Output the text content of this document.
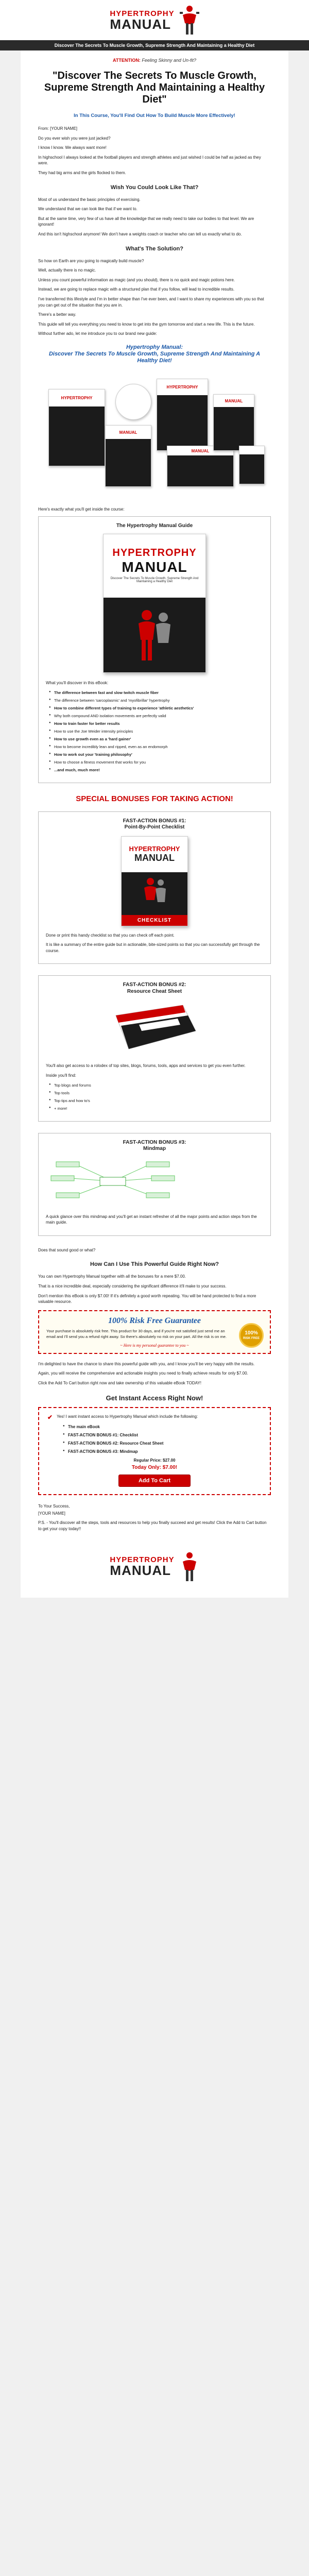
HYPERTROPHY
MANUAL
Discover The Secrets To Muscle Growth, Supreme Strength And Maintaining a Healthy Diet
ATTENTION: Feeling Skinny and Un-fit?
"Discover The Secrets To Muscle Growth, Supreme Strength And Maintaining a Healthy Diet"
In This Course, You'll Find Out How To Build Muscle More Effectively!

From: [YOUR NAME]

Do you ever wish you were just jacked?

I know I know. We always want more!

In highschool I always looked at the football players and strength athletes and just wished I could be half as jacked as they were.

They had big arms and the girls flocked to them.

Wish You Could Look Like That?

Most of us understand the basic principles of exercising.

We understand that we can look like that if we want to.

But at the same time, very few of us have all the knowledge that we really need to take our bodies to that level. We are ignorant!

And this isn't highschool anymore! We don't have a weights coach or teacher who can tell us exactly what to do.

What's The Solution?

So how on Earth are you going to magically build muscle?

Well, actually there is no magic.

Unless you count powerful information as magic (and you should), there is no quick and magic potions here.

Instead, we are going to replace magic with a structured plan that if you follow, will lead to incredible results.

I've transferred this lifestyle and I'm in better shape than I've ever been, and I want to share my experiences with you so that you can get out of the situation that you are in.

There's a better way.

This guide will tell you everything you need to know to get into the gym tomorrow and start a new life. This is the future.

Without further ado, let me introduce you to our brand new guide:

Hypertrophy Manual:
Discover The Secrets To Muscle Growth, Supreme Strength And Maintaining A Healthy Diet!
HYPERTROPHY
MANUAL
HYPERTROPHY
MANUAL
MANUAL

Here's exactly what you'll get inside the course:

The Hypertrophy Manual Guide
HYPERTROPHY
MANUAL
Discover The Secrets To Muscle Growth, Supreme Strength And Maintaining a Healthy Diet

What you'll discover in this eBook:

● The difference between fast and slow twitch muscle fiber
● The difference between 'sarcoplasmic' and 'myofibrillar' hypertrophy
● How to combine different types of training to experience 'athletic aesthetics'
● Why both compound AND isolation movements are perfectly valid
● How to train faster for better results
● How to use the Joe Weider intensity principles
● How to use growth even as a 'hard gainer'
● How to become incredibly lean and ripped, even as an endomorph
● How to work out your 'training philosophy'
● How to choose a fitness movement that works for you
● ...and much, much more!
SPECIAL BONUSES FOR TAKING ACTION!
FAST-ACTION BONUS #1:
Point-By-Point Checklist
HYPERTROPHY
MANUAL
CHECKLIST

Done or print this handy checklist so that you can check off each point.

It is like a summary of the entire guide but in actionable, bite-sized points so that you can successfully get through the course.

FAST-ACTION BONUS #2:
Resource Cheat Sheet

You'll also get access to a rolodex of top sites, blogs, forums, tools, apps and services to get you even further.

Inside you'll find:

● Top blogs and forums
● Top tools
● Top tips and how to's
● + more!
FAST-ACTION BONUS #3:
Mindmap

A quick glance over this mindmap and you'll get an instant refresher of all the major points and action steps from the main guide.

Does that sound good or what?

How Can I Use This Powerful Guide Right Now?

You can own Hypertrophy Manual together with all the bonuses for a mere $7.00.

That is a nice incredible deal, especially considering the significant difference it'll make to your success.

Don't mention this eBook is only $7.00! If it's definitely a good worth repeating. You will be hand protected to find a more valuable resource.

100% Risk Free Guarantee
Your purchase is absolutely risk free. This product for 30 days, and if you're not satisfied just send me an email and I'll send you a refund right away. So there's absolutely no risk on your part. All the risk is on me.
~ Here is my personal guarantee to you ~
100%
RISK FREE

I'm delighted to have the chance to share this powerful guide with you, and I know you'll be very happy with the results.

Again, you will receive the comprehensive and actionable insights you need to finally achieve results for only $7.00.

Click the Add To Cart button right now and take ownership of this valuable eBook TODAY!

Get Instant Access Right Now!
✔ Yes! I want instant access to Hypertrophy Manual which include the following:
● The main eBook
● FAST-ACTION BONUS #1: Checklist
● FAST-ACTION BONUS #2: Resource Cheat Sheet
● FAST-ACTION BONUS #3: Mindmap
Regular Price: $27.00
Today Only: $7.00!
Add To Cart

To Your Success,

[YOUR NAME]

P.S. - You'll discover all the steps, tools and resources to help you finally succeed and get results! Click the Add to Cart button to get your copy today!!

HYPERTROPHY
MANUAL
